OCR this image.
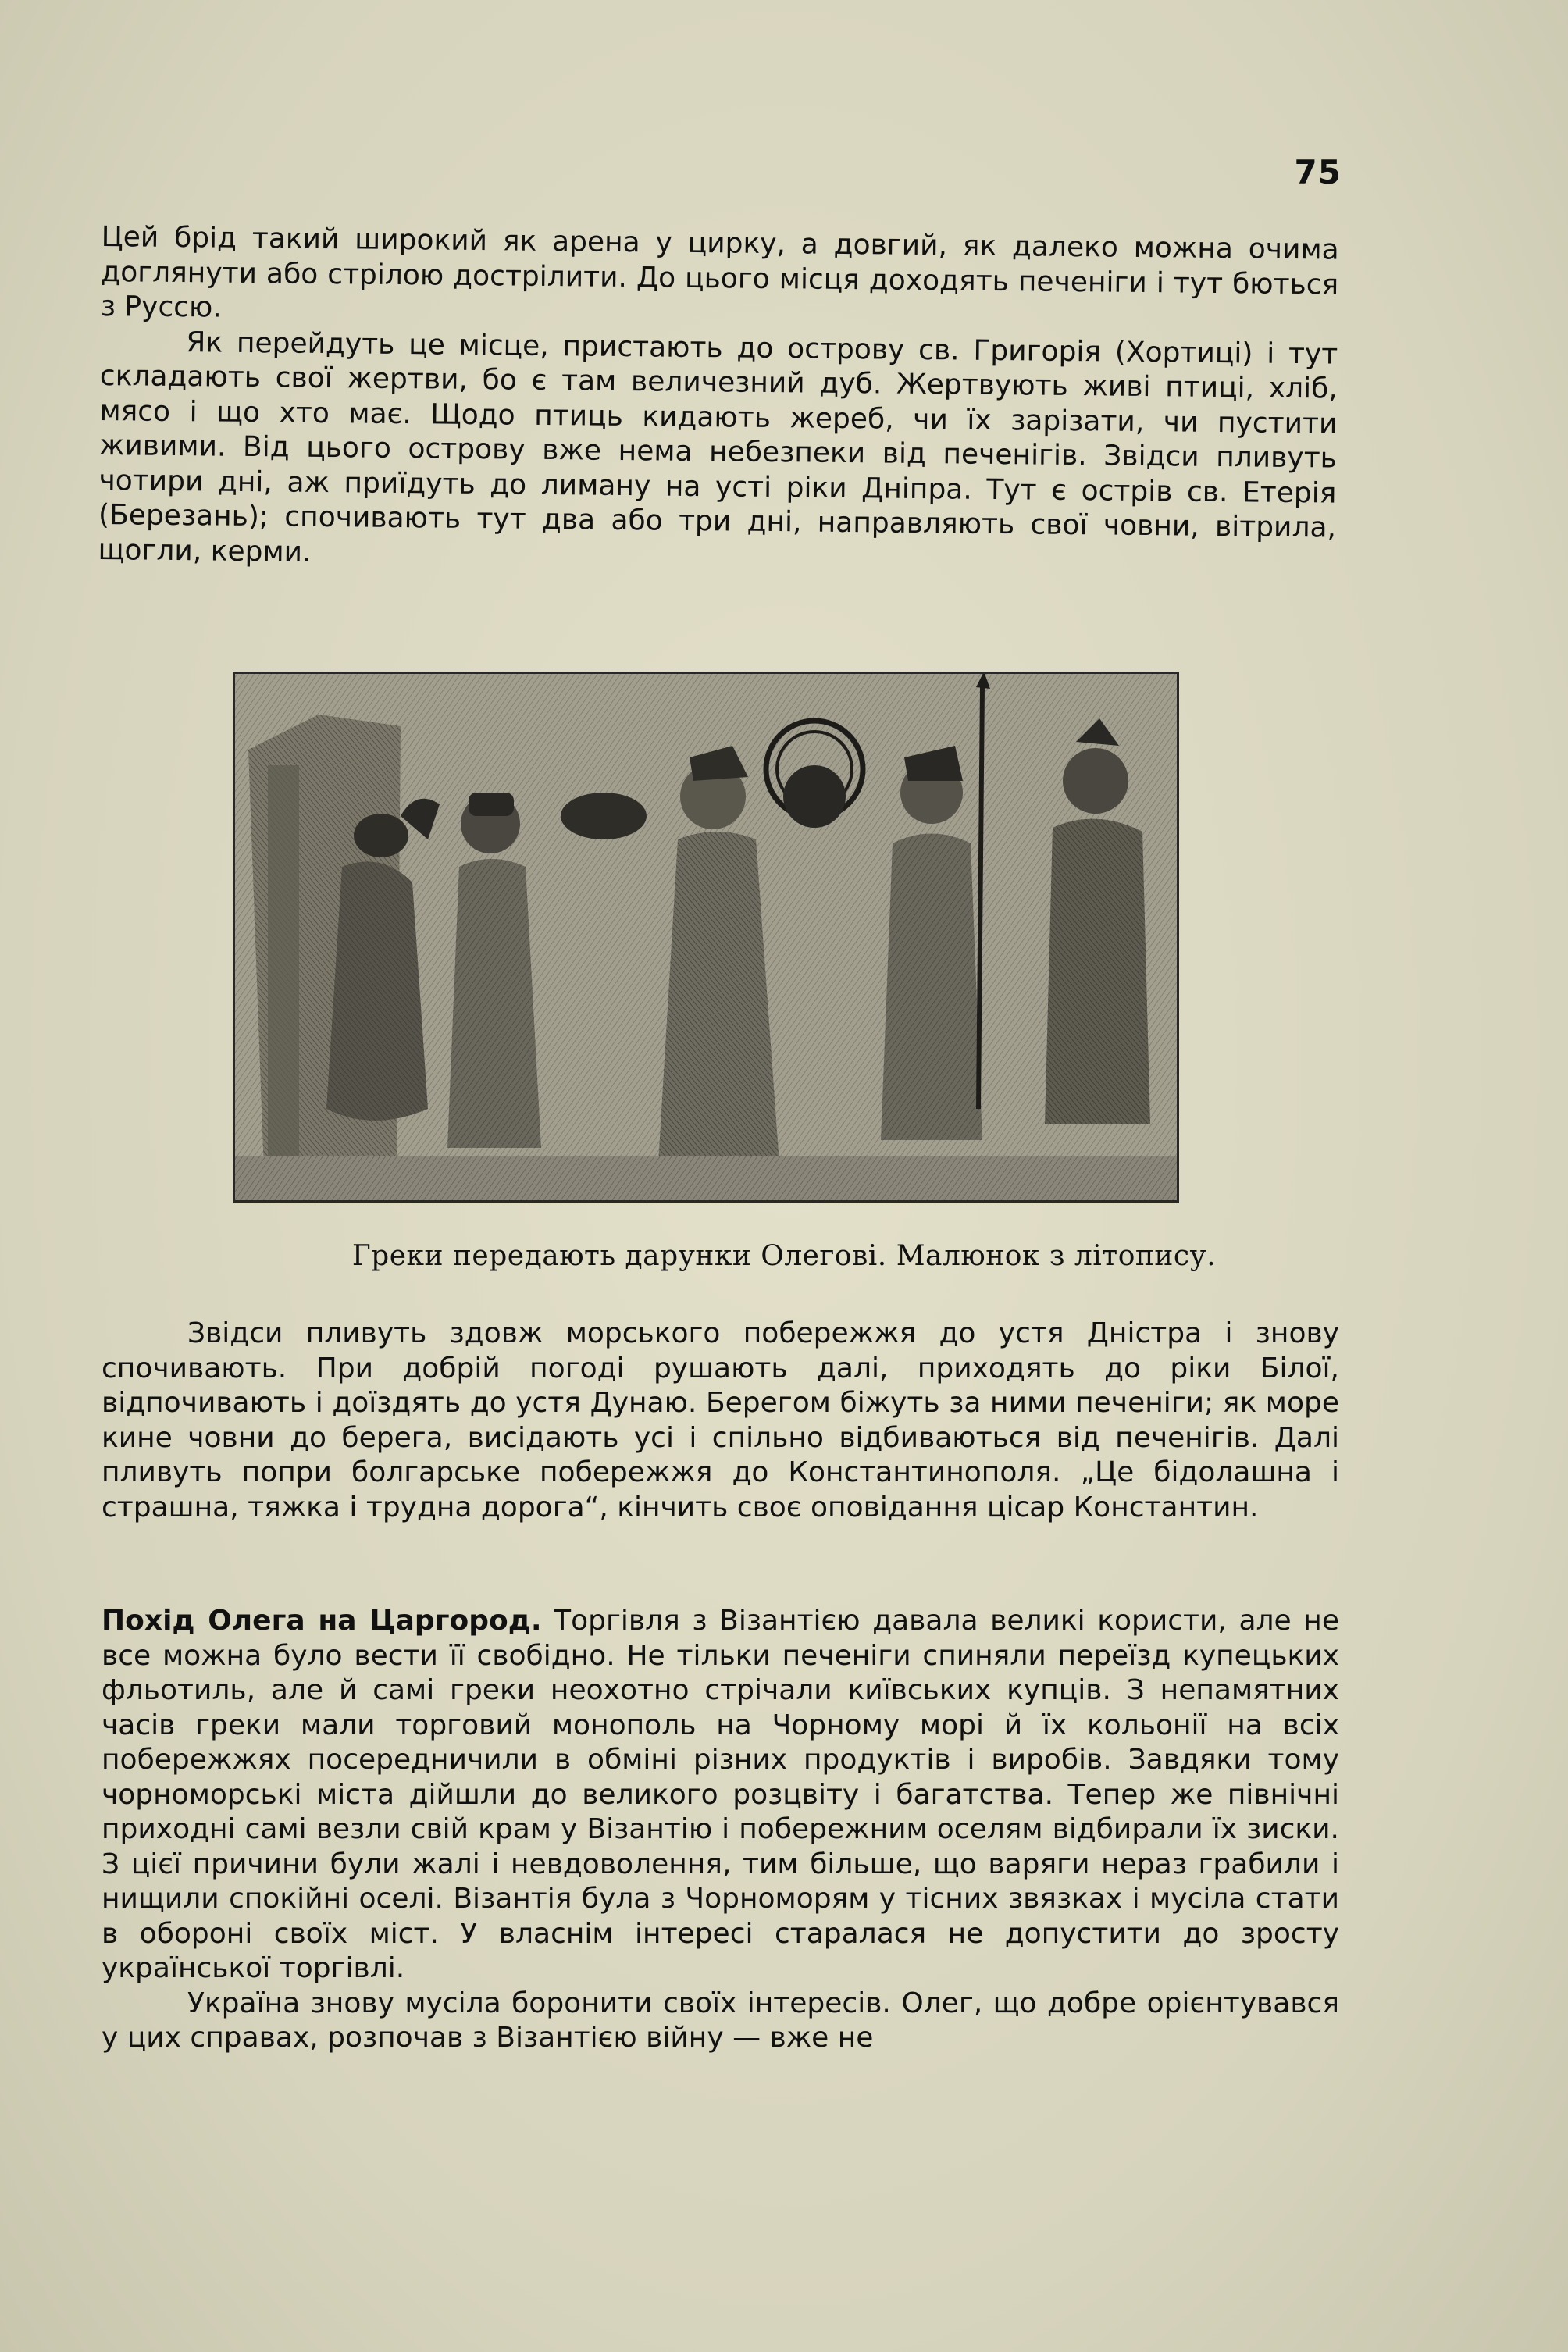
75

Цей брід такий широкий як арена у цирку, а довгий, як далеко можна очима доглянути або стрілою дострілити. До цього місця доходять печеніги і тут бються з Руссю.

Як перейдуть це місце, пристають до острову св. Григорія (Хортиці) і тут складають свої жертви, бо є там величезний дуб. Жертвують живі птиці, хліб, мясо і що хто має. Щодо птиць кидають жереб, чи їх зарізати, чи пустити живими. Від цього острову вже нема небезпеки від печенігів. Звідси пливуть чотири дні, аж приїдуть до лиману на усті ріки Дніпра. Тут є острів св. Етерія (Березань); спочивають тут два або три дні, направляють свої човни, вітрила, щогли, керми.

Греки передають дарунки Олегові. Малюнок з літопису.

Звідси пливуть здовж морського побережжя до устя Дністра і знову спочивають. При добрій погоді рушають далі, приходять до ріки Білої, відпочивають і доїздять до устя Дунаю. Берегом біжуть за ними печеніги; як море кине човни до берега, висідають усі і спільно відбиваються від печенігів. Далі пливуть попри болгарське побережжя до Константинополя. „Це бідолашна і страшна, тяжка і трудна дорога“, кінчить своє оповідання цісар Константин.

Похід Олега на Царгород. Торгівля з Візантією давала великі користи, але не все можна було вести її свобідно. Не тільки печеніги спиняли переїзд купецьких фльотиль, але й самі греки неохотно стрічали київських купців. З непамятних часів греки мали торговий монополь на Чорному морі й їх кольонії на всіх побережжях посередничили в обміні різних продуктів і виробів. Завдяки тому чорноморські міста дійшли до великого розцвіту і багатства. Тепер же північні приходні самі везли свій крам у Візантію і побережним оселям відбирали їх зиски. З цієї причини були жалі і невдоволення, тим більше, що варяги нераз грабили і нищили спокійні оселі. Візантія була з Чорноморям у тісних звязках і мусіла стати в обороні своїх міст. У власнім інтересі старалася не допустити до зросту української торгівлі.

Україна знову мусіла боронити своїх інтересів. Олег, що добре орієнтувався у цих справах, розпочав з Візантією війну — вже не
